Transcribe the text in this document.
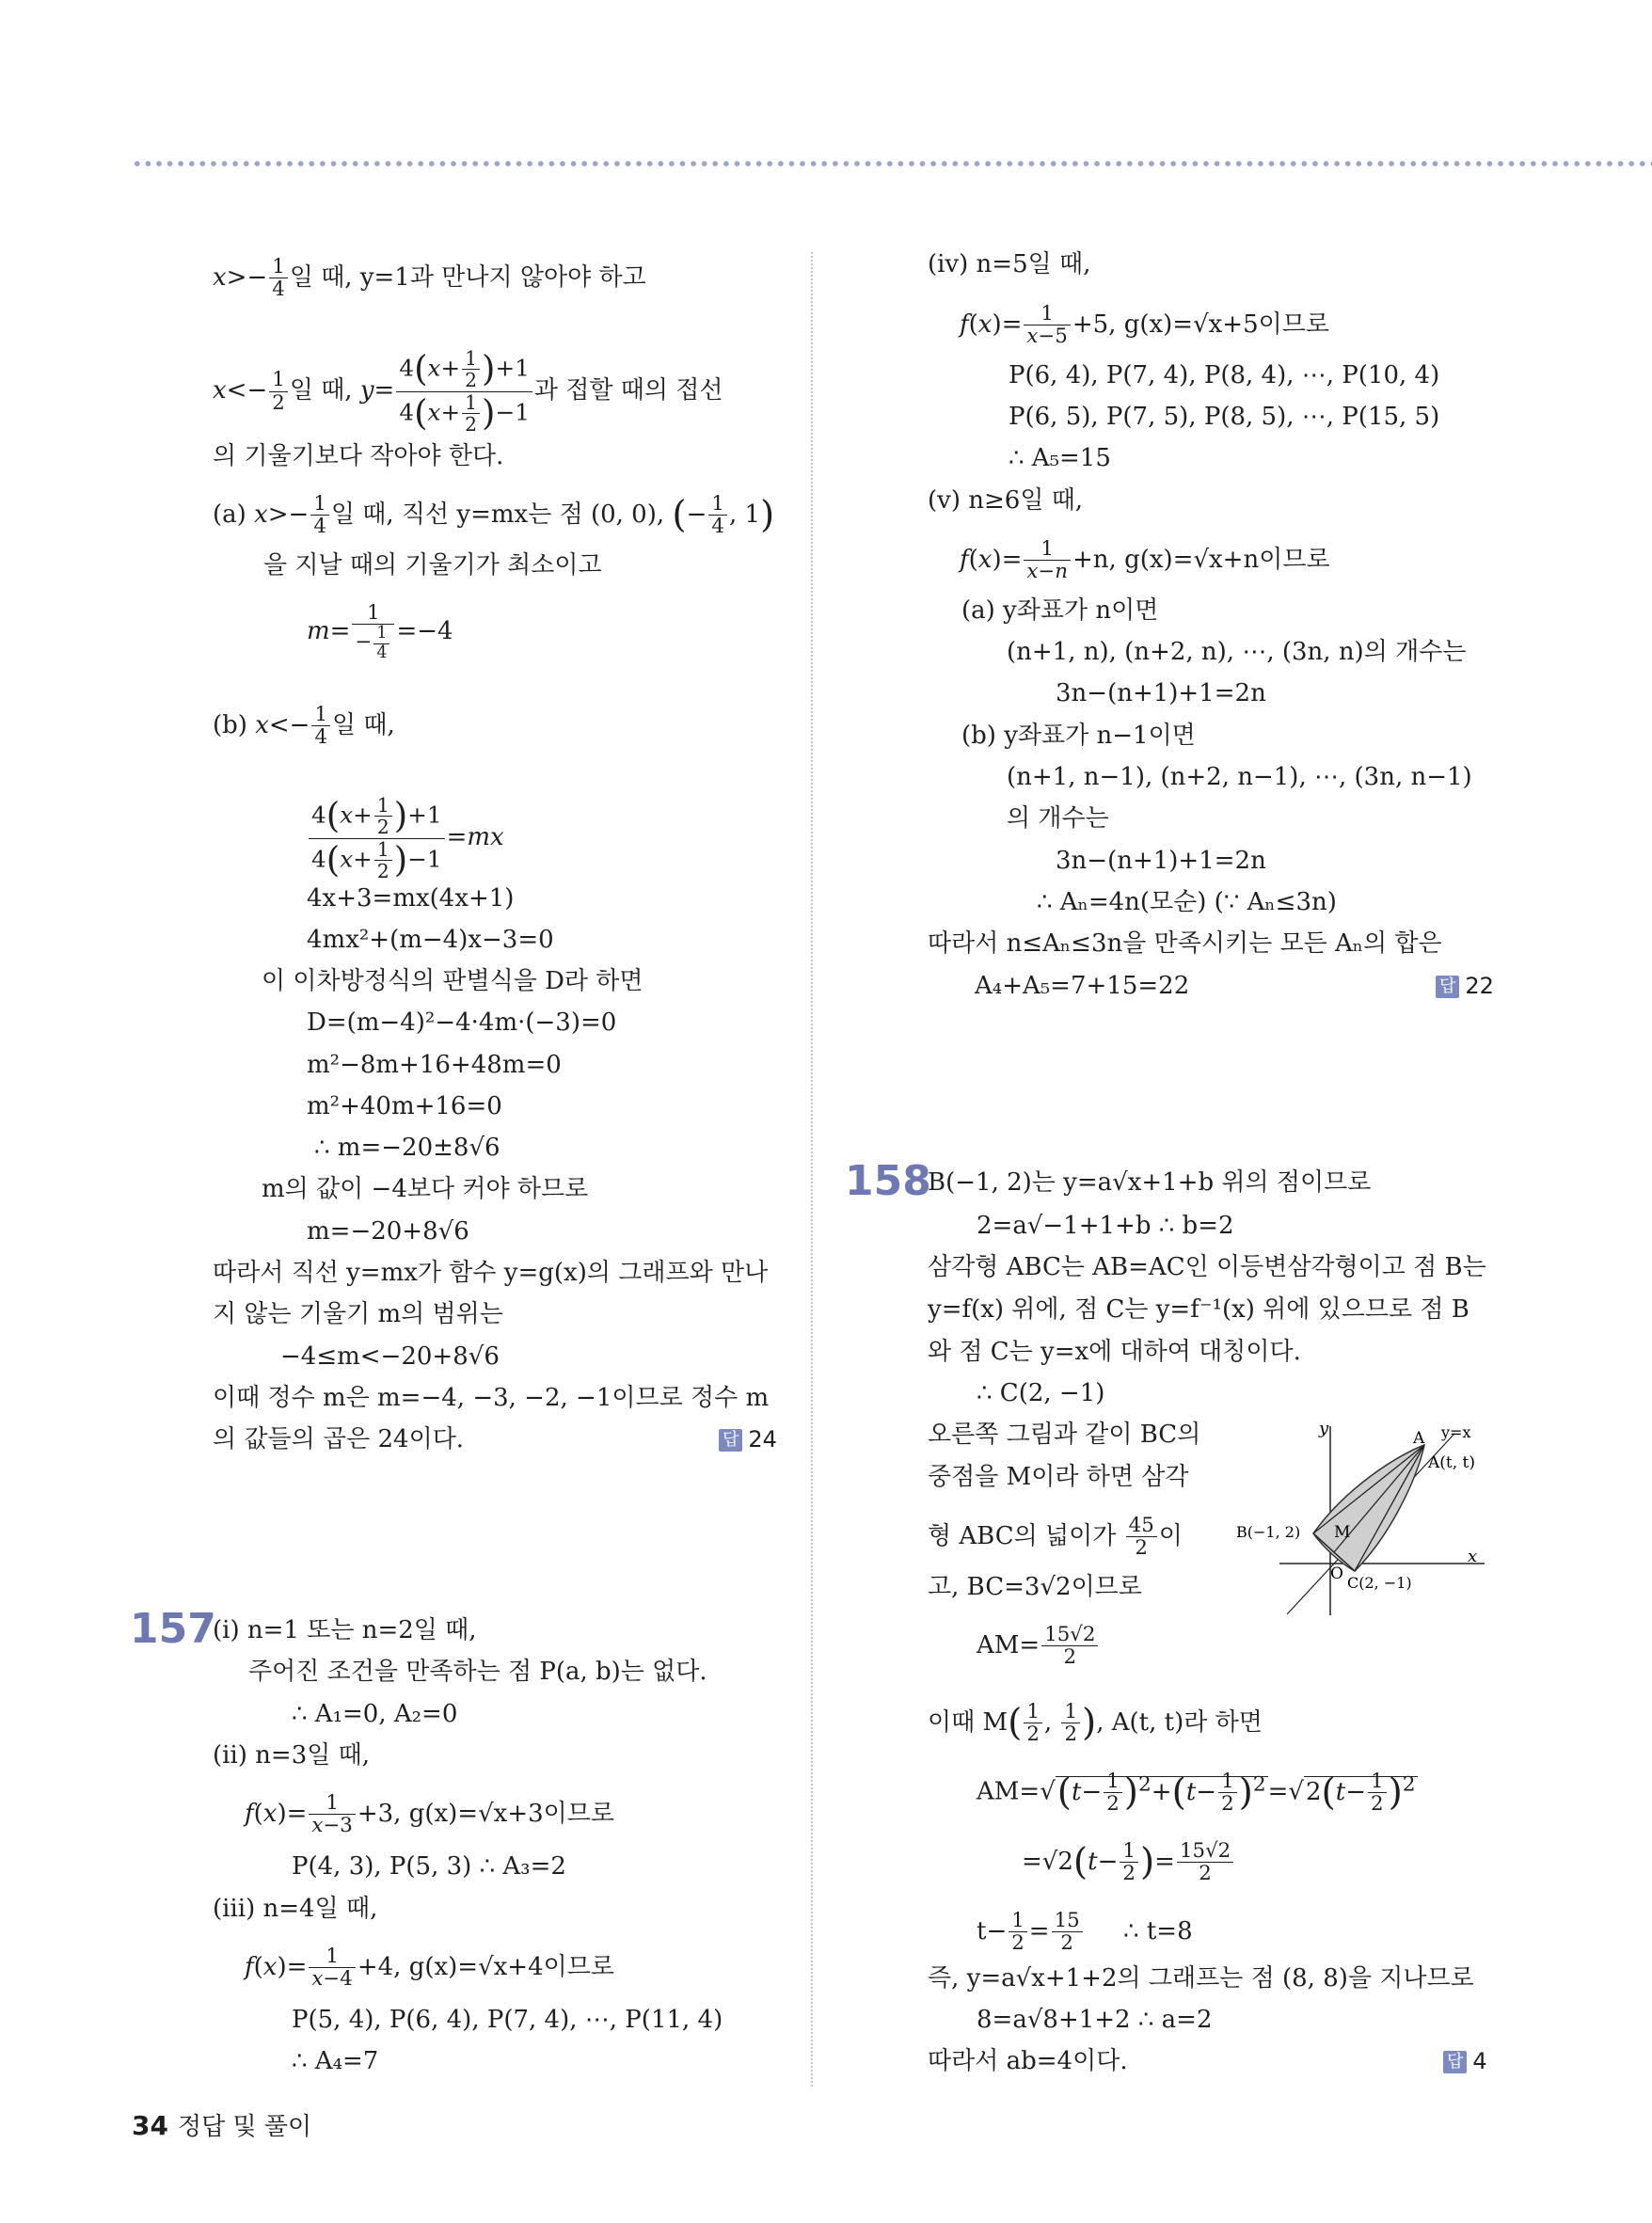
$x>- \frac{1}{4}$ 일 때, y=1과 만나지 않아야 하고
$x<- \frac{1}{2}$ 일 때, $y= \frac{4(x+ \frac{1}{2} )+1}{4(x+ \frac{1}{2} )-1}$ 과 접할 때의 접선
의 기울기보다 작아야 한다.
(a) $x>- \frac{1}{4}$ 일 때, 직선 y=mx는 점 (0, 0), (− $\frac{1}{4}$ , 1)
을 지날 때의 기울기가 최소이고
$m= \frac{1}{- \frac{1}{4}} =-4$
(b) $x<- \frac{1}{4}$ 일 때,
$\frac{4(x+ \frac{1}{2} )+1}{4(x+ \frac{1}{2} )-1} =mx$
4x+3=mx(4x+1)
4mx²+(m−4)x−3=0
이 이차방정식의 판별식을 D라 하면
D=(m−4)²−4·4m·(−3)=0
m²−8m+16+48m=0
m²+40m+16=0
∴ m=−20±8√6
m의 값이 −4보다 커야 하므로
m=−20+8√6
따라서 직선 y=mx가 함수 y=g(x)의 그래프와 만나
지 않는 기울기 m의 범위는
−4≤m<−20+8√6
이때 정수 m은 m=−4, −3, −2, −1이므로 정수 m
의 값들의 곱은 24이다.	답 24
157
(ⅰ) n=1 또는 n=2일 때,
주어진 조건을 만족하는 점 P(a, b)는 없다.
∴ A₁=0, A₂=0
(ⅱ) n=3일 때,
$f(x)= \frac{1}{x-3} +3$, g(x)=√x+3이므로
P(4, 3), P(5, 3) ∴ A₃=2
(ⅲ) n=4일 때,
$f(x)= \frac{1}{x-4} +4$, g(x)=√x+4이므로
P(5, 4), P(6, 4), P(7, 4), ⋯, P(11, 4)
∴ A₄=7
(ⅳ) n=5일 때,
$f(x)= \frac{1}{x-5} +5$, g(x)=√x+5이므로
P(6, 4), P(7, 4), P(8, 4), ⋯, P(10, 4)
P(6, 5), P(7, 5), P(8, 5), ⋯, P(15, 5)
∴ A₅=15
(ⅴ) n≥6일 때,
$f(x)= \frac{1}{x-n} +n$, g(x)=√x+n이므로
(a) y좌표가 n이면
(n+1, n), (n+2, n), ⋯, (3n, n)의 개수는
3n−(n+1)+1=2n
(b) y좌표가 n−1이면
(n+1, n−1), (n+2, n−1), ⋯, (3n, n−1)
의 개수는
3n−(n+1)+1=2n
∴ Aₙ=4n(모순) (∵ Aₙ≤3n)
따라서 n≤Aₙ≤3n을 만족시키는 모든 Aₙ의 합은
A₄+A₅=7+15=22	답 22
158
B(−1, 2)는 y=a√x+1+b 위의 점이므로
2=a√−1+1+b ∴ b=2
삼각형 ABC는 AB=AC인 이등변삼각형이고 점 B는
y=f(x) 위에, 점 C는 y=f⁻¹(x) 위에 있으므로 점 B
와 점 C는 y=x에 대하여 대칭이다.
∴ C(2, −1)
오른쪽 그림과 같이 BC의
중점을 M이라 하면 삼각
형 ABC의 넓이가 $\frac{45}{2}$ 이
고, BC=3√2이므로
$AM= \frac{15√2}{2}$
이때 $M( \frac{1}{2}$ , $\frac{1}{2}$ ), A(t, t)라 하면
$AM=√(t- \frac{1}{2} )^2+(t- \frac{1}{2} )^2=√2(t- \frac{1}{2} )^2$
$=√2(t- \frac{1}{2}$ )= $\frac{15√2}{2}$
$t- \frac{1}{2} = \frac{15}{2}$ ∴ t=8
즉, y=a√x+1+2의 그래프는 점 (8, 8)을 지나므로
8=a√8+1+2 ∴ a=2
따라서 ab=4이다.	답 4
y
x
y=x
A
A(t, t)
B(−1, 2) M
O C(2, −1)
34 정답 및 풀이
